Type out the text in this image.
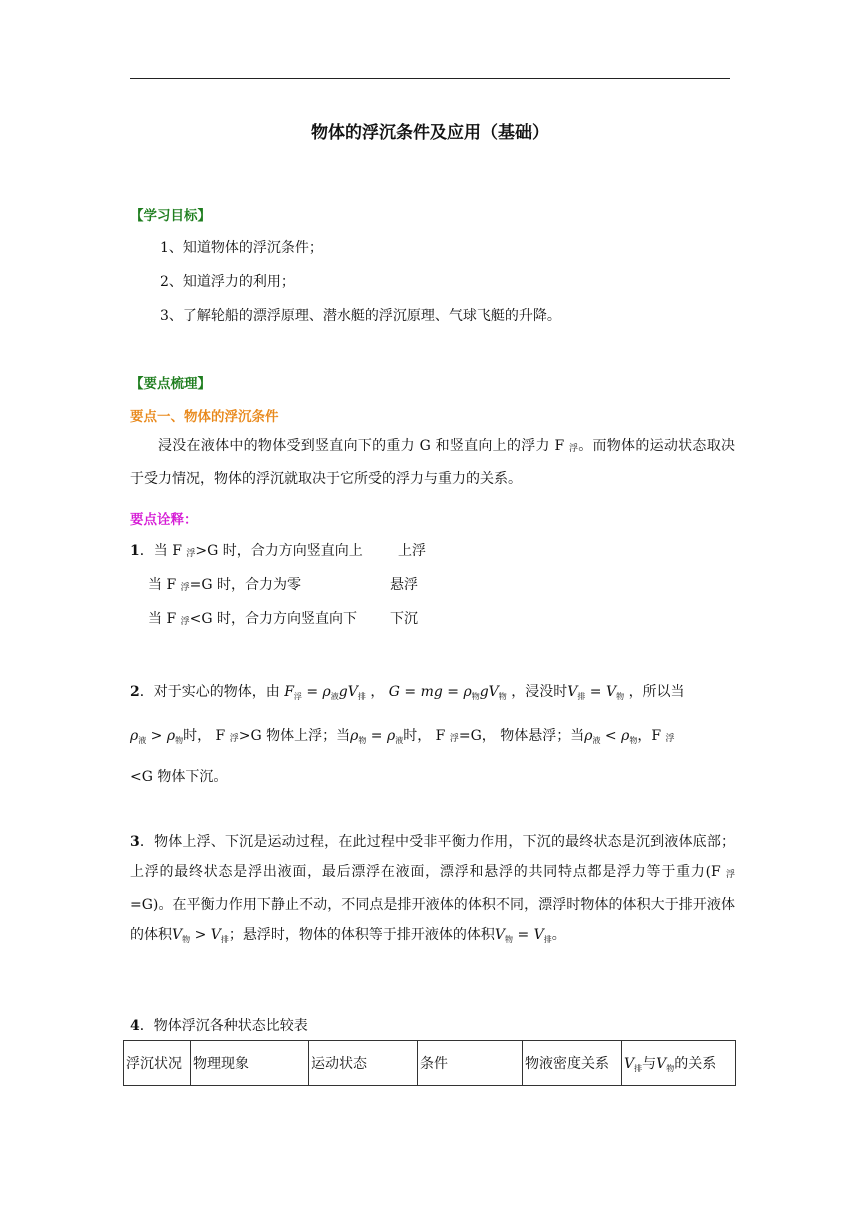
物体的浮沉条件及应用（基础）
【学习目标】
1、知道物体的浮沉条件；
2、知道浮力的利用；
3、了解轮船的漂浮原理、潜水艇的浮沉原理、气球飞艇的升降。
【要点梳理】
要点一、物体的浮沉条件
浸没在液体中的物体受到竖直向下的重力 G 和竖直向上的浮力 F 浮。而物体的运动状态取决于受力情况，物体的浮沉就取决于它所受的浮力与重力的关系。
要点诠释：
1．当 F 浮>G 时，合力方向竖直向上	上浮
当 F 浮=G 时，合力为零	悬浮
当 F 浮<G 时，合力方向竖直向下 下沉
2．对于实心的物体，由 $F_浮 = \rho_液gV_排$ ， G = mg = $\rho_物gV_物$ ，浸没时$V_排 = V_物$ ，所以当
$\rho_液 > \rho_物$时， F 浮>G 物体上浮；当$\rho_物 = \rho_液$时， F 浮=G， 物体悬浮；当$\rho_液 < \rho_物$，F 浮
<G 物体下沉。
3．物体上浮、下沉是运动过程，在此过程中受非平衡力作用，下沉的最终状态是沉到液体底部；上浮的最终状态是浮出液面，最后漂浮在液面，漂浮和悬浮的共同特点都是浮力等于重力(F 浮=G)。在平衡力作用下静止不动，不同点是排开液体的体积不同，漂浮时物体的体积大于排开液体的体积$V_物 > V_排$；悬浮时，物体的体积等于排开液体的体积$V_物 = V_排$。
4．物体浮沉各种状态比较表
浮沉状况	物理现象	运动状态	条件	物液密度关系	$V_排$与$V_物$的关系
